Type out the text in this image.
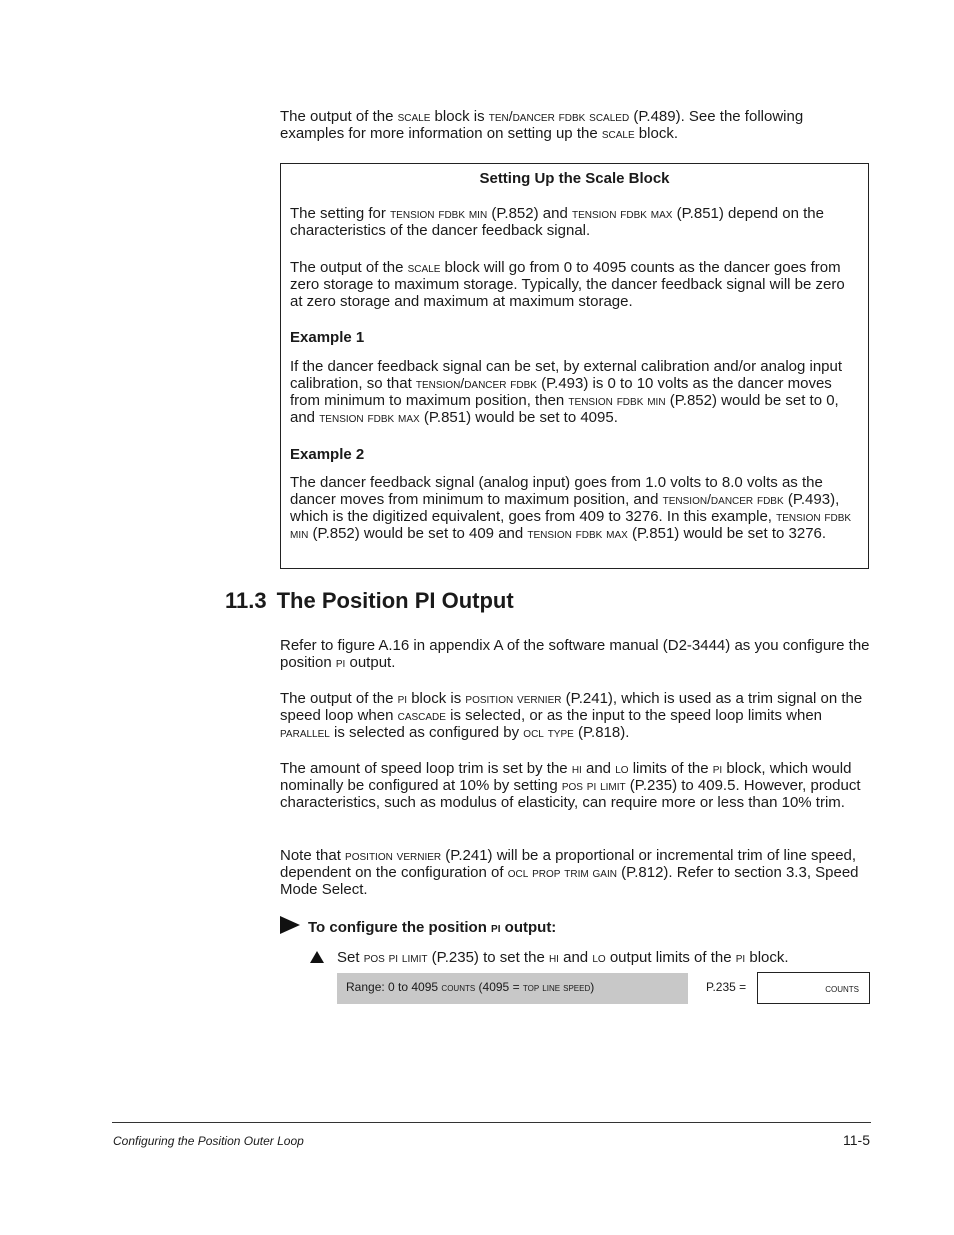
The output of the scale block is ten/dancer fdbk scaled (P.489). See the following examples for more information on setting up the scale block.

Setting Up the Scale Block

The setting for tension fdbk min (P.852) and tension fdbk max (P.851) depend on the characteristics of the dancer feedback signal.

The output of the scale block will go from 0 to 4095 counts as the dancer goes from zero storage to maximum storage. Typically, the dancer feedback signal will be zero at zero storage and maximum at maximum storage.

Example 1

If the dancer feedback signal can be set, by external calibration and/or analog input calibration, so that tension/dancer fdbk (P.493) is 0 to 10 volts as the dancer moves from minimum to maximum position, then tension fdbk min (P.852) would be set to 0, and tension fdbk max (P.851) would be set to 4095.

Example 2

The dancer feedback signal (analog input) goes from 1.0 volts to 8.0 volts as the dancer moves from minimum to maximum position, and tension/dancer fdbk (P.493), which is the digitized equivalent, goes from 409 to 3276. In this example, tension fdbk min (P.852) would be set to 409 and tension fdbk max (P.851) would be set to 3276.

11.3 The Position PI Output

Refer to figure A.16 in appendix A of the software manual (D2-3444) as you configure the position pi output.

The output of the pi block is position vernier (P.241), which is used as a trim signal on the speed loop when cascade is selected, or as the input to the speed loop limits when parallel is selected as configured by ocl type (P.818).

The amount of speed loop trim is set by the hi and lo limits of the pi block, which would nominally be configured at 10% by setting pos pi limit (P.235) to 409.5. However, product characteristics, such as modulus of elasticity, can require more or less than 10% trim.

Note that position vernier (P.241) will be a proportional or incremental trim of line speed, dependent on the configuration of ocl prop trim gain (P.812). Refer to section 3.3, Speed Mode Select.

To configure the position pi output:
Set pos pi limit (P.235) to set the hi and lo output limits of the pi block.
Range: 0 to 4095 counts (4095 = top line speed)	P.235 =	counts
Configuring the Position Outer Loop	11-5
